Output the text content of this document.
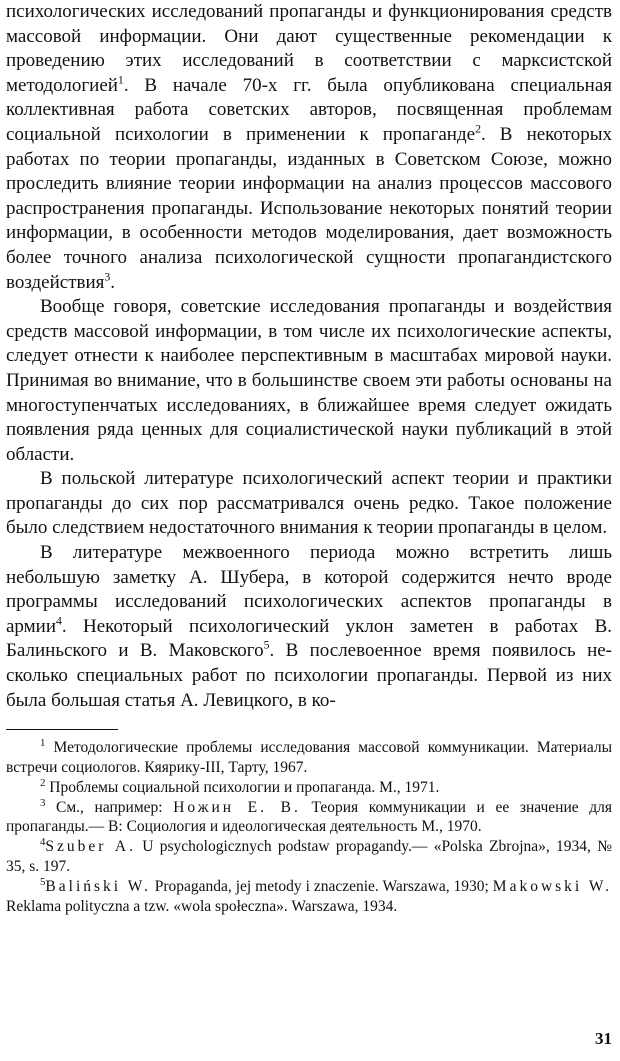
психологических исследований пропаганды и функционирования средств массовой информации. Они дают существенные рекомендации к проведению этих исследований в соответствии с марксистской методологией$^1$. В начале 70-х гг. была опубликована специальная коллективная работа советских авторов, посвященная проблемам социальной психологии в применении к пропаганде$^2$. В некоторых работах по теории пропаганды, изданных в Советском Союзе, можно проследить влияние теории информации на анализ процессов массового распространения пропаганды. Использование некоторых понятий теории информации, в особенности методов моделирования, дает возможность более точного анализа психологической сущности пропагандистского воздействия$^3$.

Вообще говоря, советские исследования пропаганды и воздействия средств массовой информации, в том числе их психологические аспекты, следует отнести к наиболее перспективным в масштабах мировой науки. Принимая во внимание, что в большинстве своем эти работы основаны на многоступенчатых исследованиях, в ближайшее время следует ожидать появления ряда ценных для социалистической науки публикаций в этой области.

В польской литературе психологический аспект теории и практики пропаганды до сих пор рассматривался очень редко. Такое положение было следствием недостаточного внимания к теории пропаганды в целом.

В литературе межвоенного периода можно встретить лишь небольшую заметку А. Шубера, в которой содержится нечто вроде программы исследований психологических аспектов пропаганды в армии$^4$. Некоторый психологический уклон заметен в работах В. Балиньского и В. Маковского$^5$. В послевоенное время появилось несколько специальных работ по психологии пропаганды. Первой из них была большая статья А. Левицкого, в ко-

$^1$ Методологические проблемы исследования массовой коммуникации. Материалы встречи социологов. Кяярику-III, Тарту, 1967.

$^2$ Проблемы социальной психологии и пропаганда. М., 1971.

$^3$ См., например: Ножин Е. В. Теория коммуникации и ее значение для пропаганды.— В: Социология и идеологическая деятельность М., 1970.

$^4$Szuber A. U psychologicznych podstaw propagandy.— «Polska Zbrojna», 1934, № 35, s. 197.

$^5$Baliński W. Propaganda, jej metody i znaczenie. Warszawa, 1930; Makowski W. Reklama polityczna a tzw. «wola społeczna». Warszawa, 1934.

31
